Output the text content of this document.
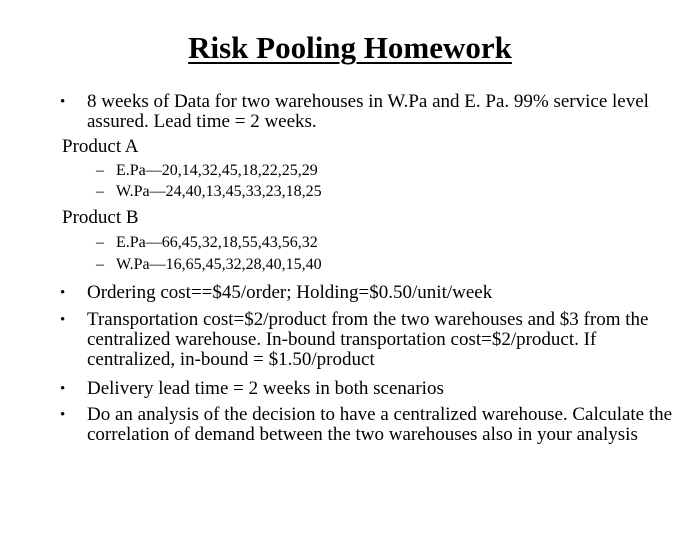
Risk Pooling Homework
• 8 weeks of Data for two warehouses in W.Pa and E. Pa. 99% service level assured. Lead time = 2 weeks.
Product A
– E.Pa—20,14,32,45,18,22,25,29
– W.Pa—24,40,13,45,33,23,18,25
Product B
– E.Pa—66,45,32,18,55,43,56,32
– W.Pa—16,65,45,32,28,40,15,40
• Ordering cost==$45/order; Holding=$0.50/unit/week
• Transportation cost=$2/product from the two warehouses and $3 from the centralized warehouse. In-bound transportation cost=$2/product. If centralized, in-bound = $1.50/product
• Delivery lead time = 2 weeks in both scenarios
• Do an analysis of the decision to have a centralized warehouse. Calculate the correlation of demand between the two warehouses also in your analysis
